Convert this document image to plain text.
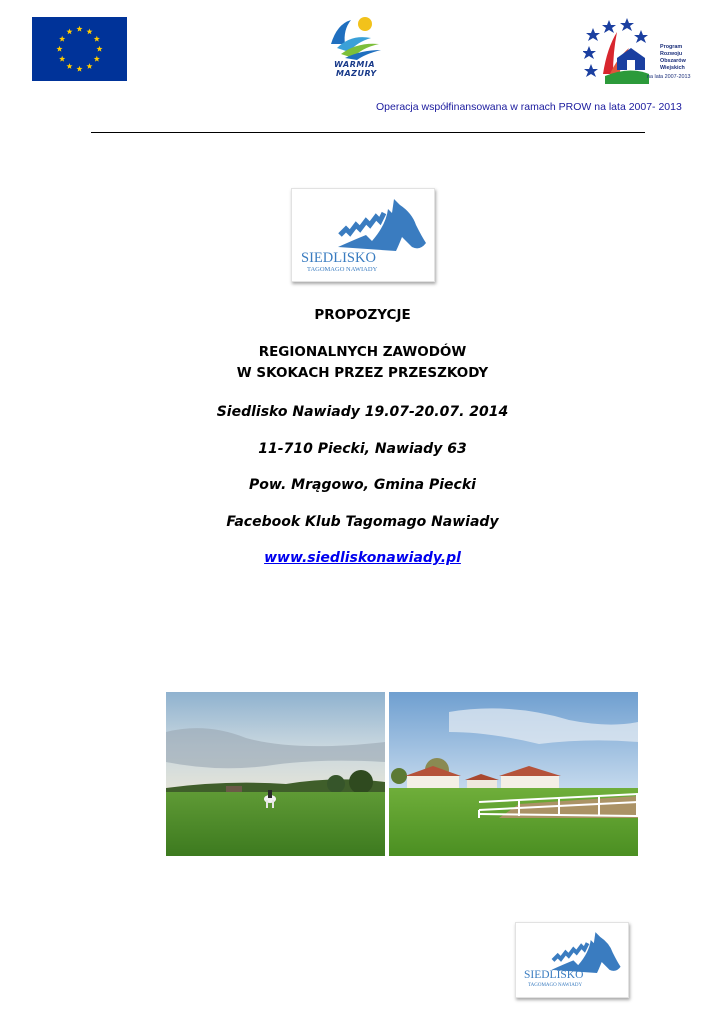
WARMIA
MAZURY
Program
Rozwoju
Obszarów
Wiejskich
na lata 2007-2013
Operacja współfinansowana w ramach PROW na lata 2007- 2013
SIEDLISKO
TAGOMAGO NAWIADY
PROPOZYCJE
REGIONALNYCH ZAWODÓW
W SKOKACH PRZEZ PRZESZKODY
Siedlisko Nawiady 19.07-20.07. 2014
11-710 Piecki, Nawiady 63
Pow. Mrągowo, Gmina Piecki
Facebook Klub Tagomago Nawiady
www.siedliskonawiady.pl
SIEDLISKO
TAGOMAGO NAWIADY
